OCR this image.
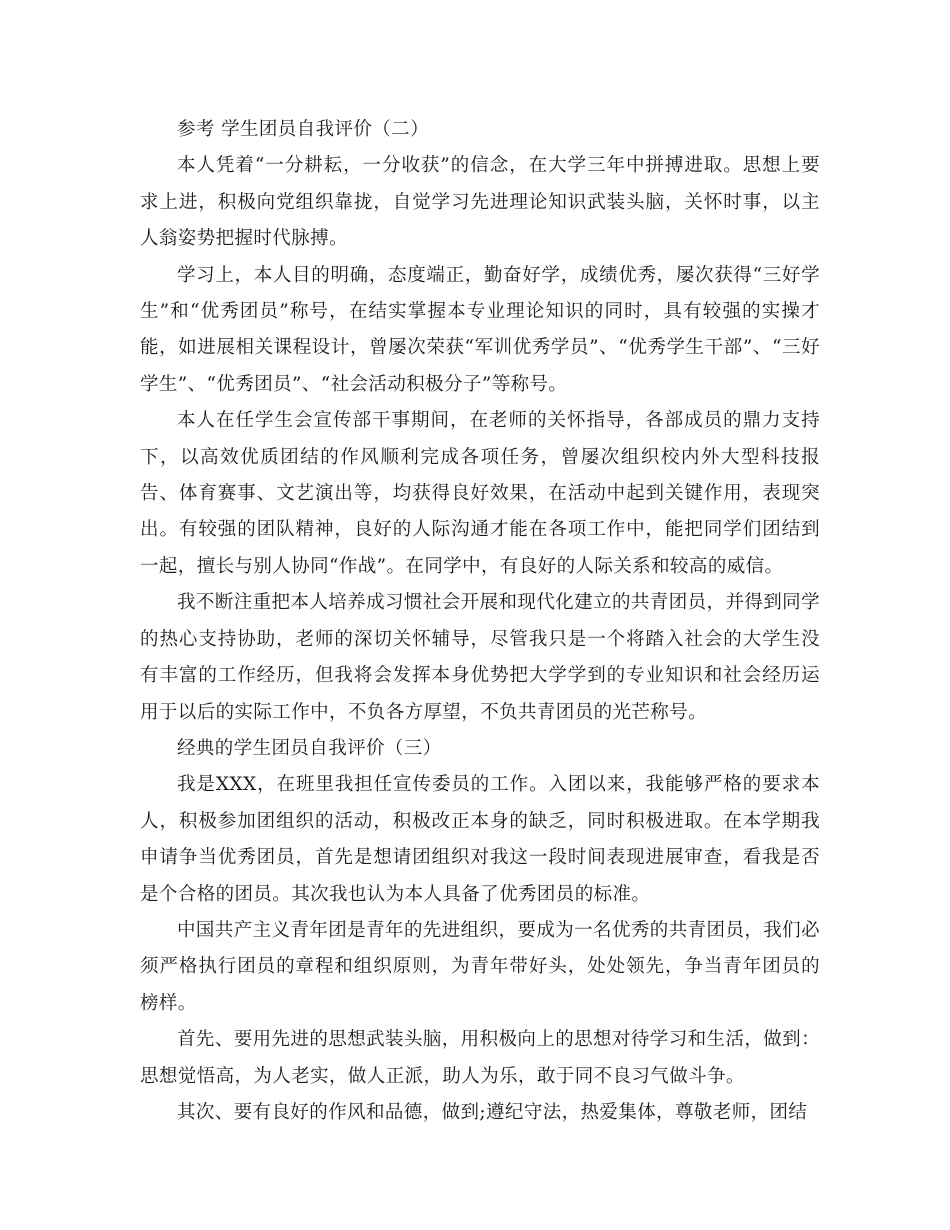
参考 学生团员自我评价（二）

本人凭着“一分耕耘，一分收获”的信念，在大学三年中拼搏进取。思想上要求上进，积极向党组织靠拢，自觉学习先进理论知识武装头脑，关怀时事，以主人翁姿势把握时代脉搏。

学习上，本人目的明确，态度端正，勤奋好学，成绩优秀，屡次获得“三好学生”和“优秀团员”称号，在结实掌握本专业理论知识的同时，具有较强的实操才能，如进展相关课程设计，曾屡次荣获“军训优秀学员”、“优秀学生干部”、“三好学生”、“优秀团员”、“社会活动积极分子”等称号。

本人在任学生会宣传部干事期间，在老师的关怀指导，各部成员的鼎力支持下，以高效优质团结的作风顺利完成各项任务，曾屡次组织校内外大型科技报告、体育赛事、文艺演出等，均获得良好效果，在活动中起到关键作用，表现突出。有较强的团队精神，良好的人际沟通才能在各项工作中，能把同学们团结到一起，擅长与别人协同“作战”。在同学中，有良好的人际关系和较高的威信。

我不断注重把本人培养成习惯社会开展和现代化建立的共青团员，并得到同学的热心支持协助，老师的深切关怀辅导，尽管我只是一个将踏入社会的大学生没有丰富的工作经历，但我将会发挥本身优势把大学学到的专业知识和社会经历运用于以后的实际工作中，不负各方厚望，不负共青团员的光芒称号。

经典的学生团员自我评价（三）

我是XXX，在班里我担任宣传委员的工作。入团以来，我能够严格的要求本人，积极参加团组织的活动，积极改正本身的缺乏，同时积极进取。在本学期我申请争当优秀团员，首先是想请团组织对我这一段时间表现进展审查，看我是否是个合格的团员。其次我也认为本人具备了优秀团员的标准。

中国共产主义青年团是青年的先进组织，要成为一名优秀的共青团员，我们必须严格执行团员的章程和组织原则，为青年带好头，处处领先，争当青年团员的榜样。

首先、要用先进的思想武装头脑，用积极向上的思想对待学习和生活，做到：思想觉悟高，为人老实，做人正派，助人为乐，敢于同不良习气做斗争。

其次、要有良好的作风和品德，做到;遵纪守法，热爱集体，尊敬老师，团结
